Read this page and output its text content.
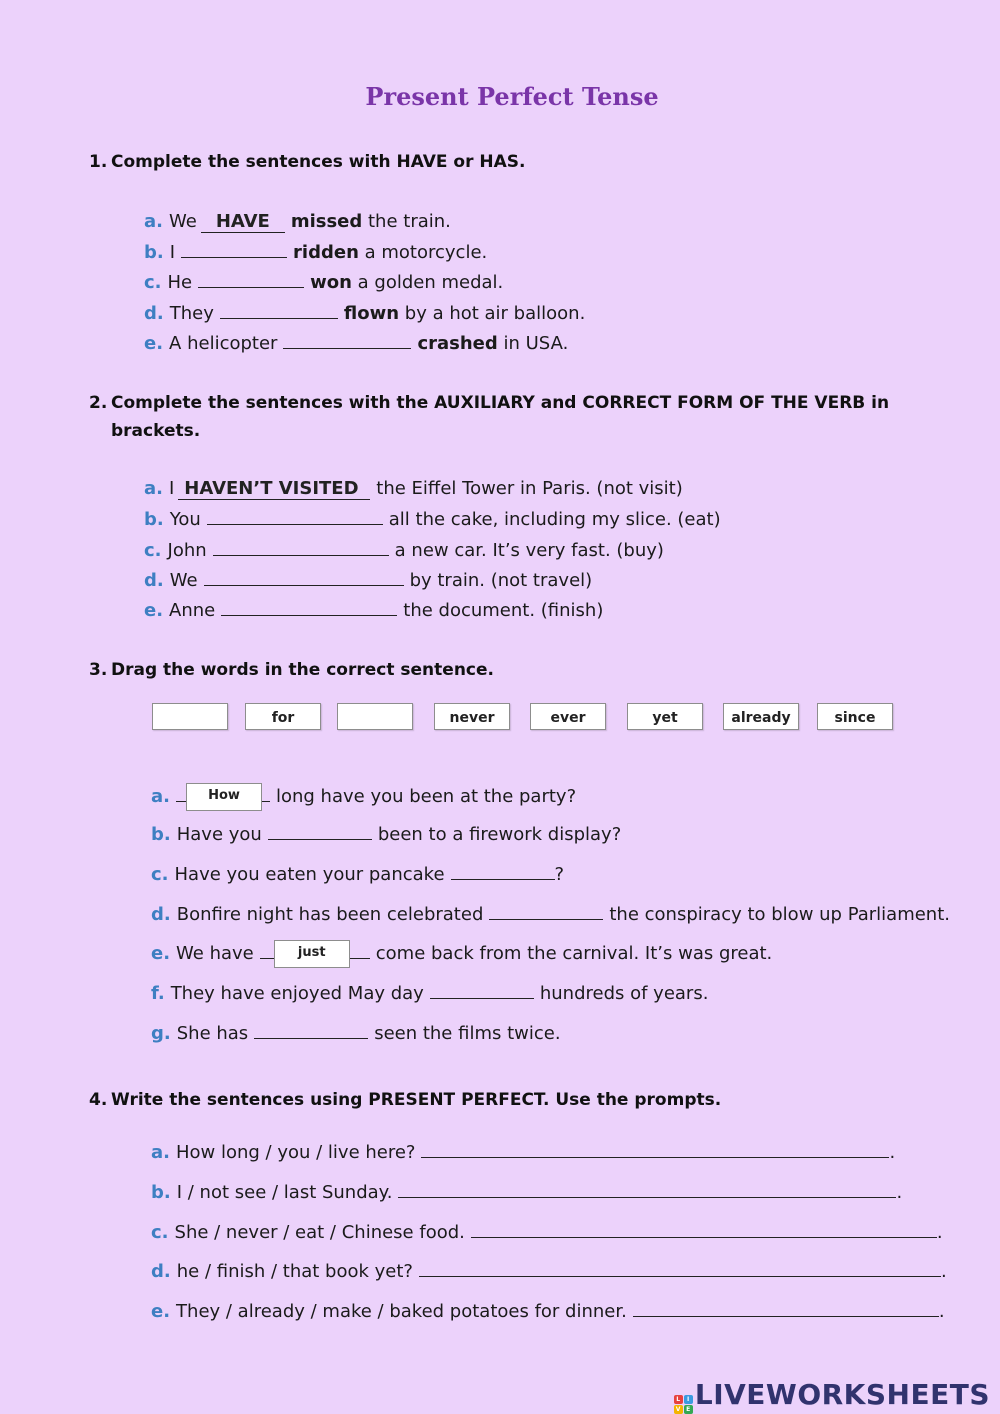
Present Perfect Tense
1. Complete the sentences with HAVE or HAS.
a. We HAVE missed the train.
b. I	ridden a motorcycle.
c. He	won a golden medal.
d. They	flown by a hot air balloon.
e. A helicopter	crashed in USA.
2. Complete the sentences with the AUXILIARY and CORRECT FORM OF THE VERB in
brackets.
a. I HAVEN’T VISITED the Eiffel Tower in Paris. (not visit)
b. You	all the cake, including my slice. (eat)
c. John	a new car. It’s very fast. (buy)
d. We	by train. (not travel)
e. Anne	the document. (finish)
3. Drag the words in the correct sentence.
for	never	ever	yet	already	since
a.	How long have you been at the party?
b. Have you	been to a firework display?
c. Have you eaten your pancake	?
d. Bonfire night has been celebrated	the conspiracy to blow up Parliament.
e. We have	just	come back from the carnival. It’s was great.
f. They have enjoyed May day	hundreds of years.
g. She has	seen the films twice.
4. Write the sentences using PRESENT PERFECT. Use the prompts.
a. How long / you / live here?	.
b. I / not see / last Sunday.	.
c. She / never / eat / Chinese food.	.
d. he / finish / that book yet?	.
e. They / already / make / baked potatoes for dinner.	.
L	I
V E LIVEWORKSHEETS
